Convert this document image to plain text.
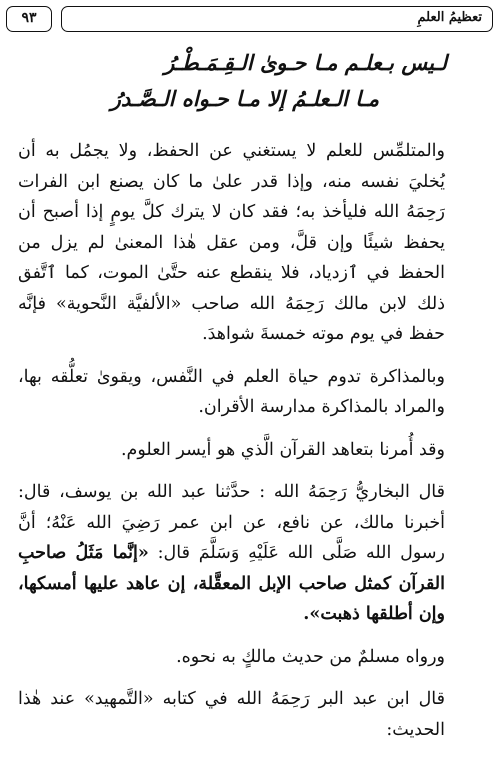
تعظيمُ العلمِ
٩٣
لـيس بـعلـم مـا حـوىٰ الـقِـمَـطْـرُ
مـا الـعلـمُ إلا مـا حـواه الـصَّـدرُ

والمتلمِّس للعلم لا يستغني عن الحفظ، ولا يجمُل به أن يُخليَ نفسه منه، وإذا قدر علىٰ ما كان يصنع ابن الفرات رَحِمَهُ الله فليأخذ به؛ فقد كان لا يترك كلَّ يومٍ إذا أصبح أن يحفظ شيئًا وإن قلَّ، ومن عقل هٰذا المعنىٰ لم يزل من الحفظ في ٱزدياد، فلا ينقطع عنه حتَّىٰ الموت، كما ٱتَّفق ذلك لابن مالك رَحِمَهُ الله صاحب «الألفيَّة النَّحوية» فإنَّه حفظ في يوم موته خمسةَ شواهدَ.

وبالمذاكرة تدوم حياة العلم في النَّفس، ويقوىٰ تعلُّقه بها، والمراد بالمذاكرة مدارسة الأقران.

وقد أُمرنا بتعاهد القرآن الَّذي هو أيسر العلوم.

قال البخاريُّ رَحِمَهُ الله : حدَّثنا عبد الله بن يوسف، قال: أخبرنا مالك، عن نافع، عن ابن عمر رَضِيَ الله عَنْهُ؛ أنَّ رسول الله صَلَّى الله عَلَيْهِ وَسَلَّمَ قال: «إنَّما مَثَلُ صاحبِ القرآن كمثل صاحب الإبل المعقَّلة، إن عاهد عليها أمسكها، وإن أطلقها ذهبت».

ورواه مسلمٌ من حديث مالكٍ به نحوه.

قال ابن عبد البر رَحِمَهُ الله في كتابه «التَّمهيد» عند هٰذا الحديث:
